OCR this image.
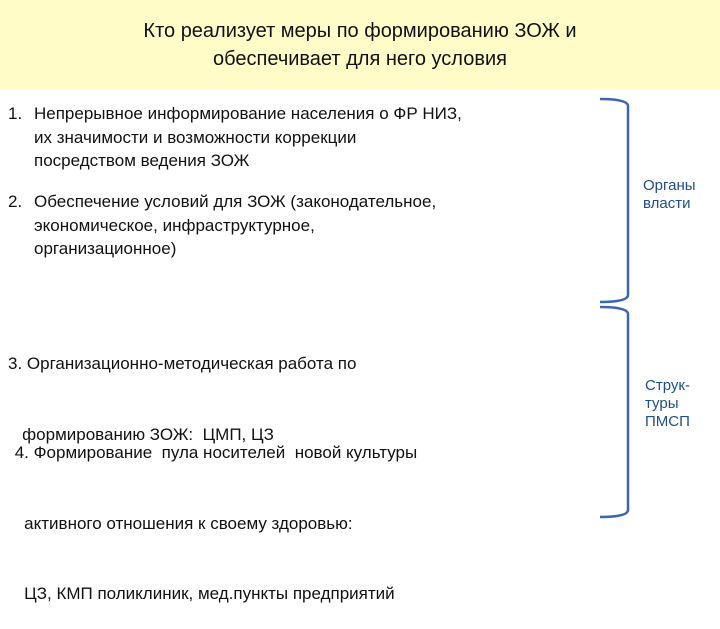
Кто реализует меры по формированию ЗОЖ и
обеспечивает для него условия
1. Непрерывное информирование населения о ФР НИЗ,
их значимости и возможности коррекции
посредством ведения ЗОЖ
2. Обеспечение условий для ЗОЖ (законодательное,
экономическое, инфраструктурное,
организационное)

3. Организационно-методическая работа по

формированию ЗОЖ:  ЦМП, ЦЗ

4. Формирование  пула носителей  новой культуры

активного отношения к своему здоровью:

ЦЗ, КМП поликлиник, мед.пункты предприятий

Органы
власти
Струк-
туры
ПМСП
